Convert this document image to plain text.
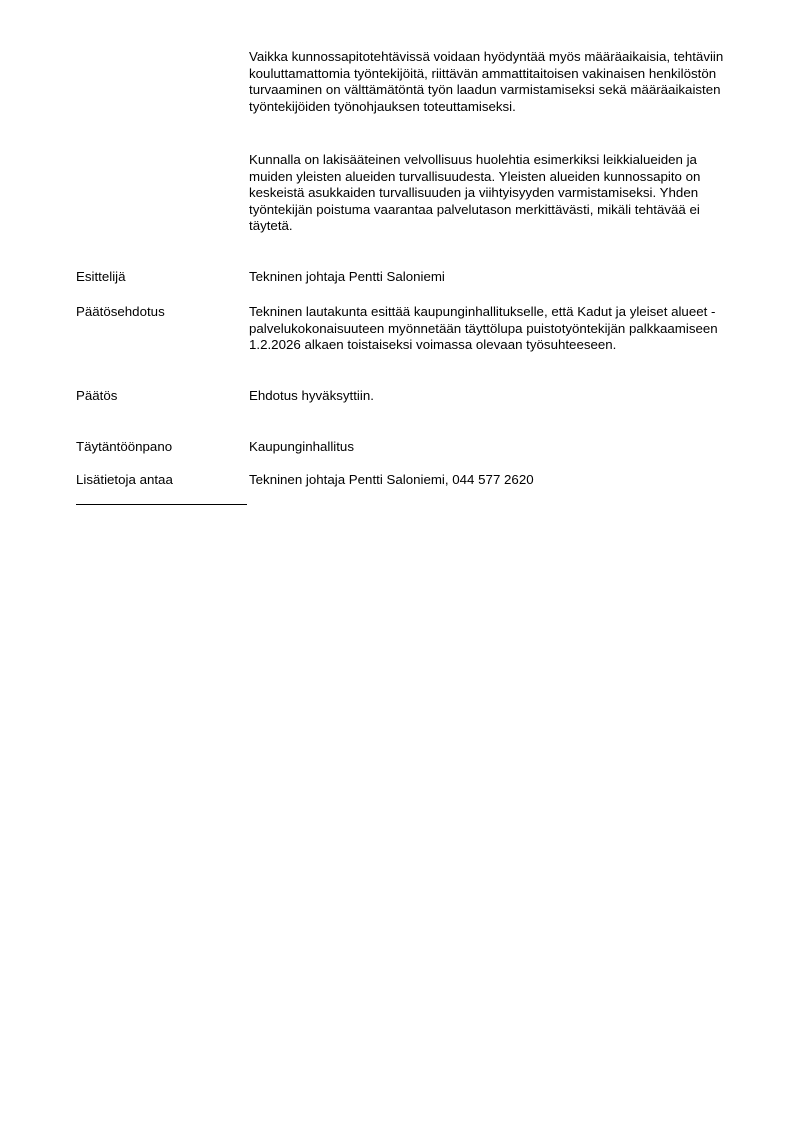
Vaikka kunnossapitotehtävissä voidaan hyödyntää myös määräaikaisia, tehtäviin kouluttamattomia työntekijöitä, riittävän ammattitaitoisen vakinaisen henkilöstön turvaaminen on välttämätöntä työn laadun varmistamiseksi sekä määräaikaisten työntekijöiden työnohjauksen toteuttamiseksi.

Kunnalla on lakisääteinen velvollisuus huolehtia esimerkiksi leikkialueiden ja muiden yleisten alueiden turvallisuudesta. Yleisten alueiden kunnossapito on keskeistä asukkaiden turvallisuuden ja viihtyisyyden varmistamiseksi. Yhden työntekijän poistuma vaarantaa palvelutason merkittävästi, mikäli tehtävää ei täytetä.

Esittelijä	Tekninen johtaja Pentti Saloniemi

Päätösehdotus	Tekninen lautakunta esittää kaupunginhallitukselle, että Kadut ja yleiset alueet -palvelukokonaisuuteen myönnetään täyttölupa puistotyöntekijän palkkaamiseen 1.2.2026 alkaen toistaiseksi voimassa olevaan työsuhteeseen.

Päätös	Ehdotus hyväksyttiin.

Täytäntöönpano	Kaupunginhallitus

Lisätietoja antaa	Tekninen johtaja Pentti Saloniemi, 044 577 2620
